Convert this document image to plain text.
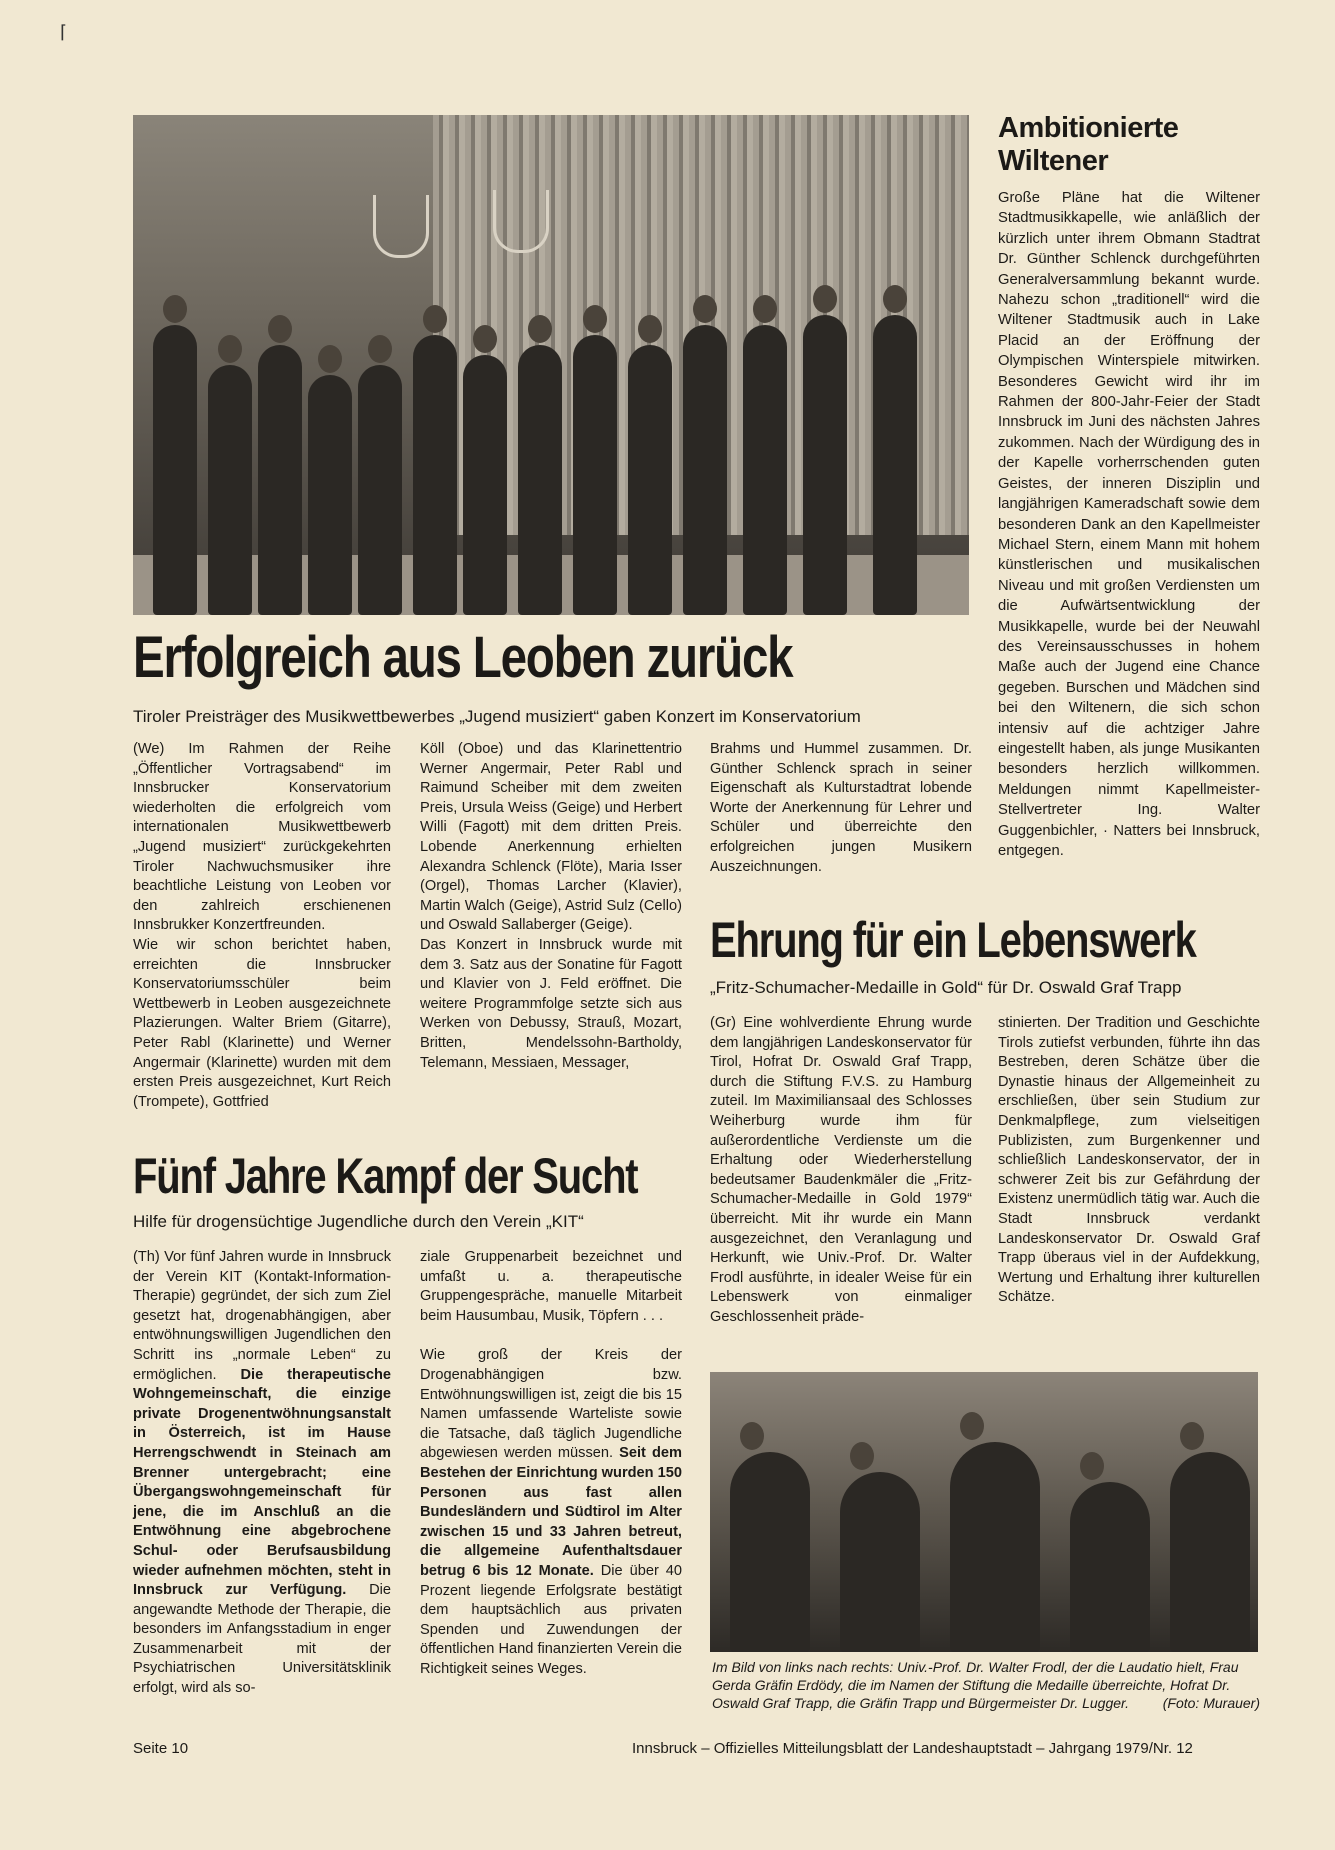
⌈
Ambitionierte
Wiltener
Große Pläne hat die Wiltener Stadtmusikkapelle, wie anläßlich der kürzlich unter ihrem Obmann Stadtrat Dr. Günther Schlenck durchgeführten Generalversammlung bekannt wurde. Nahezu schon „traditionell“ wird die Wiltener Stadtmusik auch in Lake Placid an der Eröffnung der Olympischen Winterspiele mitwirken. Besonderes Gewicht wird ihr im Rahmen der 800-Jahr-Feier der Stadt Innsbruck im Juni des nächsten Jahres zukommen. Nach der Würdigung des in der Kapelle vorherrschenden guten Geistes, der inneren Disziplin und langjährigen Kameradschaft sowie dem besonderen Dank an den Kapellmeister Michael Stern, einem Mann mit hohem künstlerischen und musikalischen Niveau und mit großen Verdiensten um die Aufwärtsentwicklung der Musikkapelle, wurde bei der Neuwahl des Vereinsausschusses in hohem Maße auch der Jugend eine Chance gegeben. Burschen und Mädchen sind bei den Wiltenern, die sich schon intensiv auf die achtziger Jahre eingestellt haben, als junge Musikanten besonders herzlich willkommen. Meldungen nimmt Kapellmeister-Stellvertreter Ing. Walter Guggenbichler, · Natters bei Innsbruck, entgegen.
Erfolgreich aus Leoben zurück
Tiroler Preisträger des Musikwettbewerbes „Jugend musiziert“ gaben Konzert im Konservatorium

(We) Im Rahmen der Reihe „Öffentlicher Vortragsabend“ im Innsbrucker Konservatorium wiederholten die erfolgreich vom internationalen Musikwettbewerb „Jugend musiziert“ zurückgekehrten Tiroler Nachwuchsmusiker ihre beachtliche Leistung von Leoben vor den zahlreich erschienenen Innsbrukker Konzertfreunden.

Wie wir schon berichtet haben, erreichten die Innsbrucker Konservatoriumsschüler beim Wettbewerb in Leoben ausgezeichnete Plazierungen. Walter Briem (Gitarre), Peter Rabl (Klarinette) und Werner Angermair (Klarinette) wurden mit dem ersten Preis ausgezeichnet, Kurt Reich (Trompete), Gottfried

Köll (Oboe) und das Klarinettentrio Werner Angermair, Peter Rabl und Raimund Scheiber mit dem zweiten Preis, Ursula Weiss (Geige) und Herbert Willi (Fagott) mit dem dritten Preis. Lobende Anerkennung erhielten Alexandra Schlenck (Flöte), Maria Isser (Orgel), Thomas Larcher (Klavier), Martin Walch (Geige), Astrid Sulz (Cello) und Oswald Sallaberger (Geige).

Das Konzert in Innsbruck wurde mit dem 3. Satz aus der Sonatine für Fagott und Klavier von J. Feld eröffnet. Die weitere Programmfolge setzte sich aus Werken von Debussy, Strauß, Mozart, Britten, Mendelssohn-Bartholdy, Telemann, Messiaen, Messager,

Brahms und Hummel zusammen. Dr. Günther Schlenck sprach in seiner Eigenschaft als Kulturstadtrat lobende Worte der Anerkennung für Lehrer und Schüler und überreichte den erfolgreichen jungen Musikern Auszeichnungen.

Ehrung für ein Lebenswerk
„Fritz-Schumacher-Medaille in Gold“ für Dr. Oswald Graf Trapp
(Gr) Eine wohlverdiente Ehrung wurde dem langjährigen Landeskonservator für Tirol, Hofrat Dr. Oswald Graf Trapp, durch die Stiftung F.V.S. zu Hamburg zuteil. Im Maximiliansaal des Schlosses Weiherburg wurde ihm für außerordentliche Verdienste um die Erhaltung oder Wiederherstellung bedeutsamer Baudenkmäler die „Fritz-Schumacher-Medaille in Gold 1979“ überreicht. Mit ihr wurde ein Mann ausgezeichnet, den Veranlagung und Herkunft, wie Univ.-Prof. Dr. Walter Frodl ausführte, in idealer Weise für ein Lebenswerk von einmaliger Geschlossenheit präde-
stinierten. Der Tradition und Geschichte Tirols zutiefst verbunden, führte ihn das Bestreben, deren Schätze über die Dynastie hinaus der Allgemeinheit zu erschließen, über sein Studium zur Denkmalpflege, zum vielseitigen Publizisten, zum Burgenkenner und schließlich Landeskonservator, der in schwerer Zeit bis zur Gefährdung der Existenz unermüdlich tätig war. Auch die Stadt Innsbruck verdankt Landeskonservator Dr. Oswald Graf Trapp überaus viel in der Aufdekkung, Wertung und Erhaltung ihrer kulturellen Schätze.
Im Bild von links nach rechts: Univ.-Prof. Dr. Walter Frodl, der die Laudatio hielt, Frau Gerda Gräfin Erdödy, die im Namen der Stiftung die Medaille überreichte, Hofrat Dr. Oswald Graf Trapp, die Gräfin Trapp und Bürgermeister Dr. Lugger. (Foto: Murauer)
Fünf Jahre Kampf der Sucht
Hilfe für drogensüchtige Jugendliche durch den Verein „KIT“

(Th) Vor fünf Jahren wurde in Innsbruck der Verein KIT (Kontakt-Information-Therapie) gegründet, der sich zum Ziel gesetzt hat, drogenabhängigen, aber entwöhnungswilligen Jugendlichen den Schritt ins „normale Leben“ zu ermöglichen. Die therapeutische Wohngemeinschaft, die einzige private Drogenentwöhnungsanstalt in Österreich, ist im Hause Herrengschwendt in Steinach am Brenner untergebracht; eine Übergangswohngemeinschaft für jene, die im Anschluß an die Entwöhnung eine abgebrochene Schul- oder Berufsausbildung wieder aufnehmen möchten, steht in Innsbruck zur Verfügung. Die angewandte Methode der Therapie, die besonders im Anfangsstadium in enger Zusammenarbeit mit der Psychiatrischen Universitätsklinik erfolgt, wird als so-

ziale Gruppenarbeit bezeichnet und umfaßt u. a. therapeutische Gruppengespräche, manuelle Mitarbeit beim Hausumbau, Musik, Töpfern . . .

Wie groß der Kreis der Drogenabhängigen bzw. Entwöhnungswilligen ist, zeigt die bis 15 Namen umfassende Warteliste sowie die Tatsache, daß täglich Jugendliche abgewiesen werden müssen. Seit dem Bestehen der Einrichtung wurden 150 Personen aus fast allen Bundesländern und Südtirol im Alter zwischen 15 und 33 Jahren betreut, die allgemeine Aufenthaltsdauer betrug 6 bis 12 Monate. Die über 40 Prozent liegende Erfolgsrate bestätigt dem hauptsächlich aus privaten Spenden und Zuwendungen der öffentlichen Hand finanzierten Verein die Richtigkeit seines Weges.

Seite 10	Innsbruck – Offizielles Mitteilungsblatt der Landeshauptstadt – Jahrgang 1979/Nr. 12
